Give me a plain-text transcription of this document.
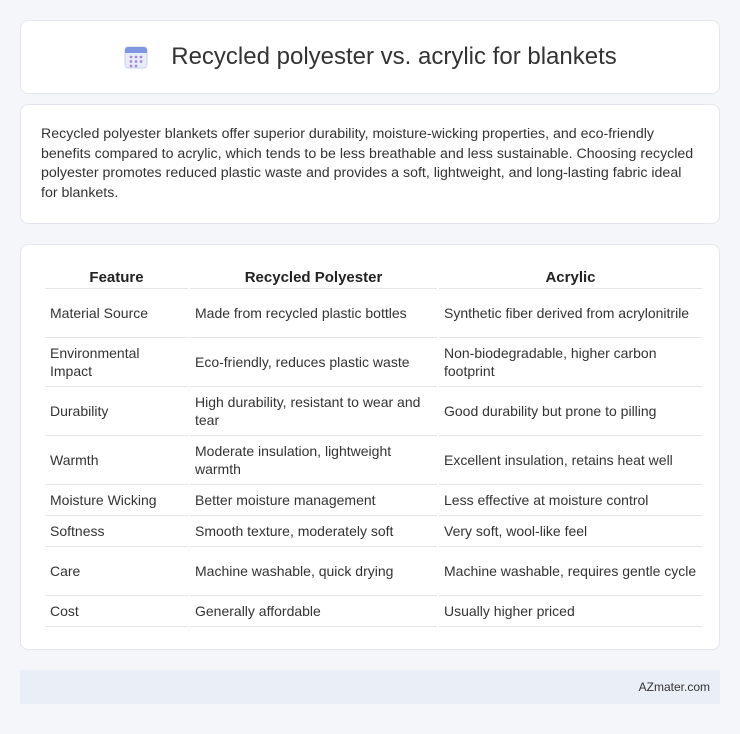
Recycled polyester vs. acrylic for blankets

Recycled polyester blankets offer superior durability, moisture-wicking properties, and eco-friendly benefits compared to acrylic, which tends to be less breathable and less sustainable. Choosing recycled polyester promotes reduced plastic waste and provides a soft, lightweight, and long-lasting fabric ideal for blankets.

Feature	Recycled Polyester	Acrylic
Material Source	Made from recycled plastic bottles	Synthetic fiber derived from acrylonitrile
Environmental Impact	Eco-friendly, reduces plastic waste	Non-biodegradable, higher carbon footprint
Durability	High durability, resistant to wear and tear	Good durability but prone to pilling
Warmth	Moderate insulation, lightweight warmth	Excellent insulation, retains heat well
Moisture Wicking	Better moisture management	Less effective at moisture control
Softness	Smooth texture, moderately soft	Very soft, wool-like feel
Care	Machine washable, quick drying	Machine washable, requires gentle cycle
Cost	Generally affordable	Usually higher priced
AZmater.com
